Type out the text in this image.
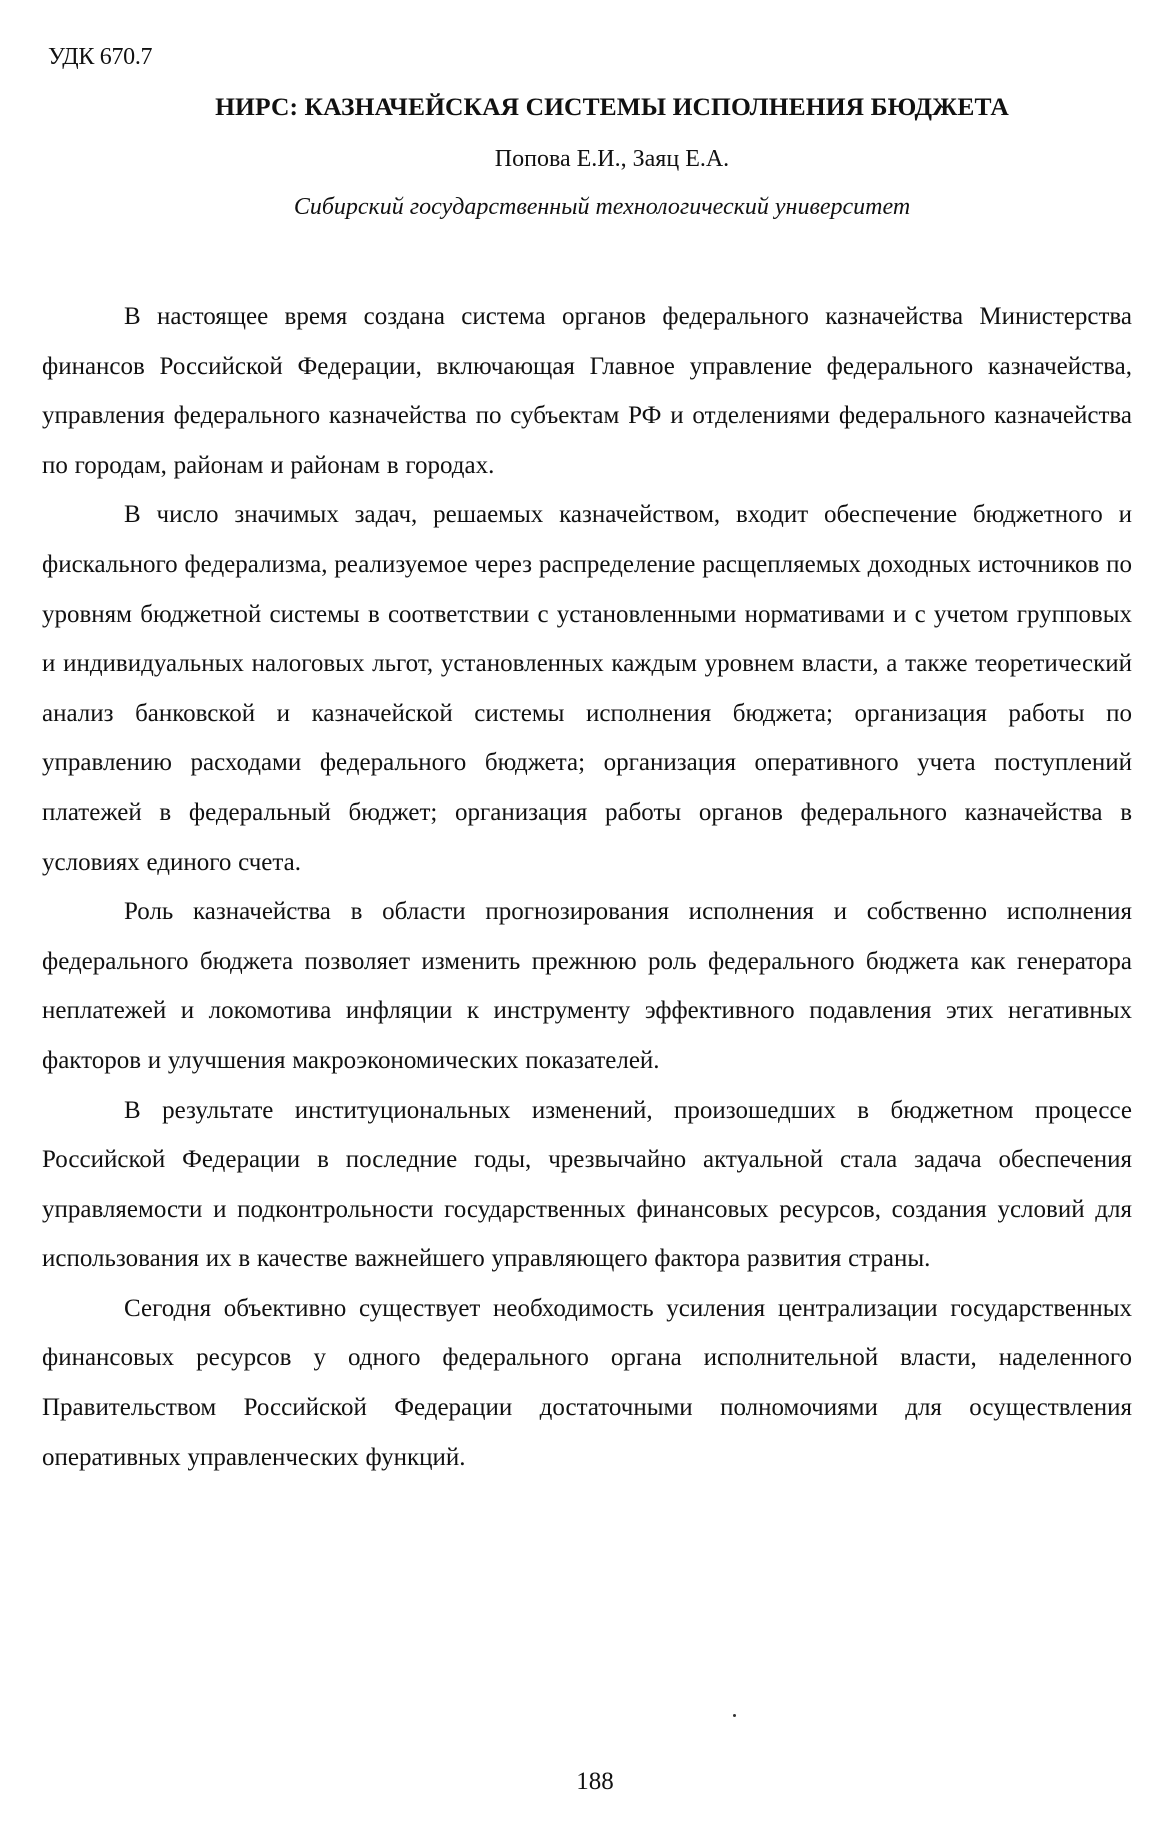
УДК 670.7
НИРС: КАЗНАЧЕЙСКАЯ СИСТЕМЫ ИСПОЛНЕНИЯ БЮДЖЕТА
Попова Е.И., Заяц Е.А.
Сибирский государственный технологический университет

В настоящее время создана система органов федерального казначейства Министерства финансов Российской Федерации, включающая Главное управление федерального казначейства, управления федерального казначейства по субъектам РФ и отделениями федерального казначейства по городам, районам и районам в городах.

В число значимых задач, решаемых казначейством, входит обеспечение бюджетного и фискального федерализма, реализуемое через распределение расщепляемых доходных источников по уровням бюджетной системы в соответствии с установленными нормативами и с учетом групповых и индивидуальных налоговых льгот, установленных каждым уровнем власти, а также теоретический анализ банковской и казначейской системы исполнения бюджета; организация работы по управлению расходами федерального бюджета; организация оперативного учета поступлений платежей в федеральный бюджет; организация работы органов федерального казначейства в условиях единого счета.

Роль казначейства в области прогнозирования исполнения и собственно исполнения федерального бюджета позволяет изменить прежнюю роль федерального бюджета как генератора неплатежей и локомотива инфляции к инструменту эффективного подавления этих негативных факторов и улучшения макроэкономических показателей.

В результате институциональных изменений, произошедших в бюджетном процессе Российской Федерации в последние годы, чрезвычайно актуальной стала задача обеспечения управляемости и подконтрольности государственных финансовых ресурсов, создания условий для использования их в качестве важнейшего управляющего фактора развития страны.

Сегодня объективно существует необходимость усиления централизации государственных финансовых ресурсов у одного федерального органа исполнительной власти, наделенного Правительством Российской Федерации достаточными полномочиями для осуществления оперативных управленческих функций.

188
